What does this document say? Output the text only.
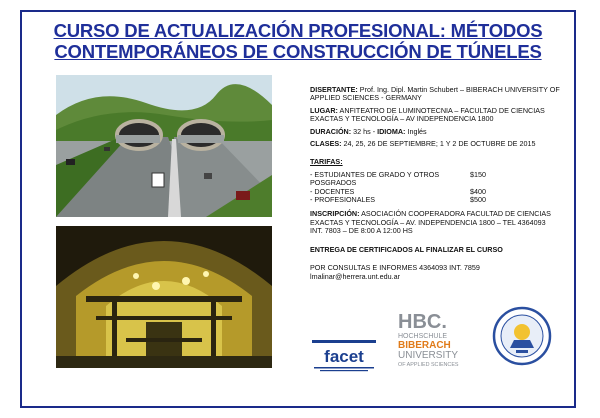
CURSO DE ACTUALIZACIÓN PROFESIONAL: MÉTODOS
CONTEMPORÁNEOS DE CONSTRUCCIÓN DE TÚNELES

DISERTANTE: Prof. Ing. Dipl. Martin Schubert – BIBERACH UNIVERSITY OF APPLIED SCIENCES - GERMANY

LUGAR: ANFITEATRO DE LUMINOTECNIA – FACULTAD DE CIENCIAS EXACTAS Y TECNOLOGÍA – AV INDEPENDENCIA 1800

DURACIÓN: 32 hs - IDIOMA: Inglés

CLASES: 24, 25, 26 DE SEPTIEMBRE; 1 Y 2 DE OCTUBRE DE 2015

TARIFAS:

- ESTUDIANTES DE GRADO Y OTROS POSGRADOS
$150
- DOCENTES	$400
- PROFESIONALES	$500

INSCRIPCIÓN: ASOCIACIÓN COOPERADORA FACULTAD DE CIENCIAS EXACTAS Y TECNOLOGÍA – AV. INDEPENDENCIA 1800 – TEL 4364093 INT. 7803 – DE 8:00 A 12:00 HS

ENTREGA DE CERTIFICADOS AL FINALIZAR EL CURSO

POR CONSULTAS E INFORMES 4364093 INT. 7859

lmalinar@herrera.unt.edu.ar

facet
HBC.
HOCHSCHULE
BIBERACH
UNIVERSITY
OF APPLIED SCIENCES
